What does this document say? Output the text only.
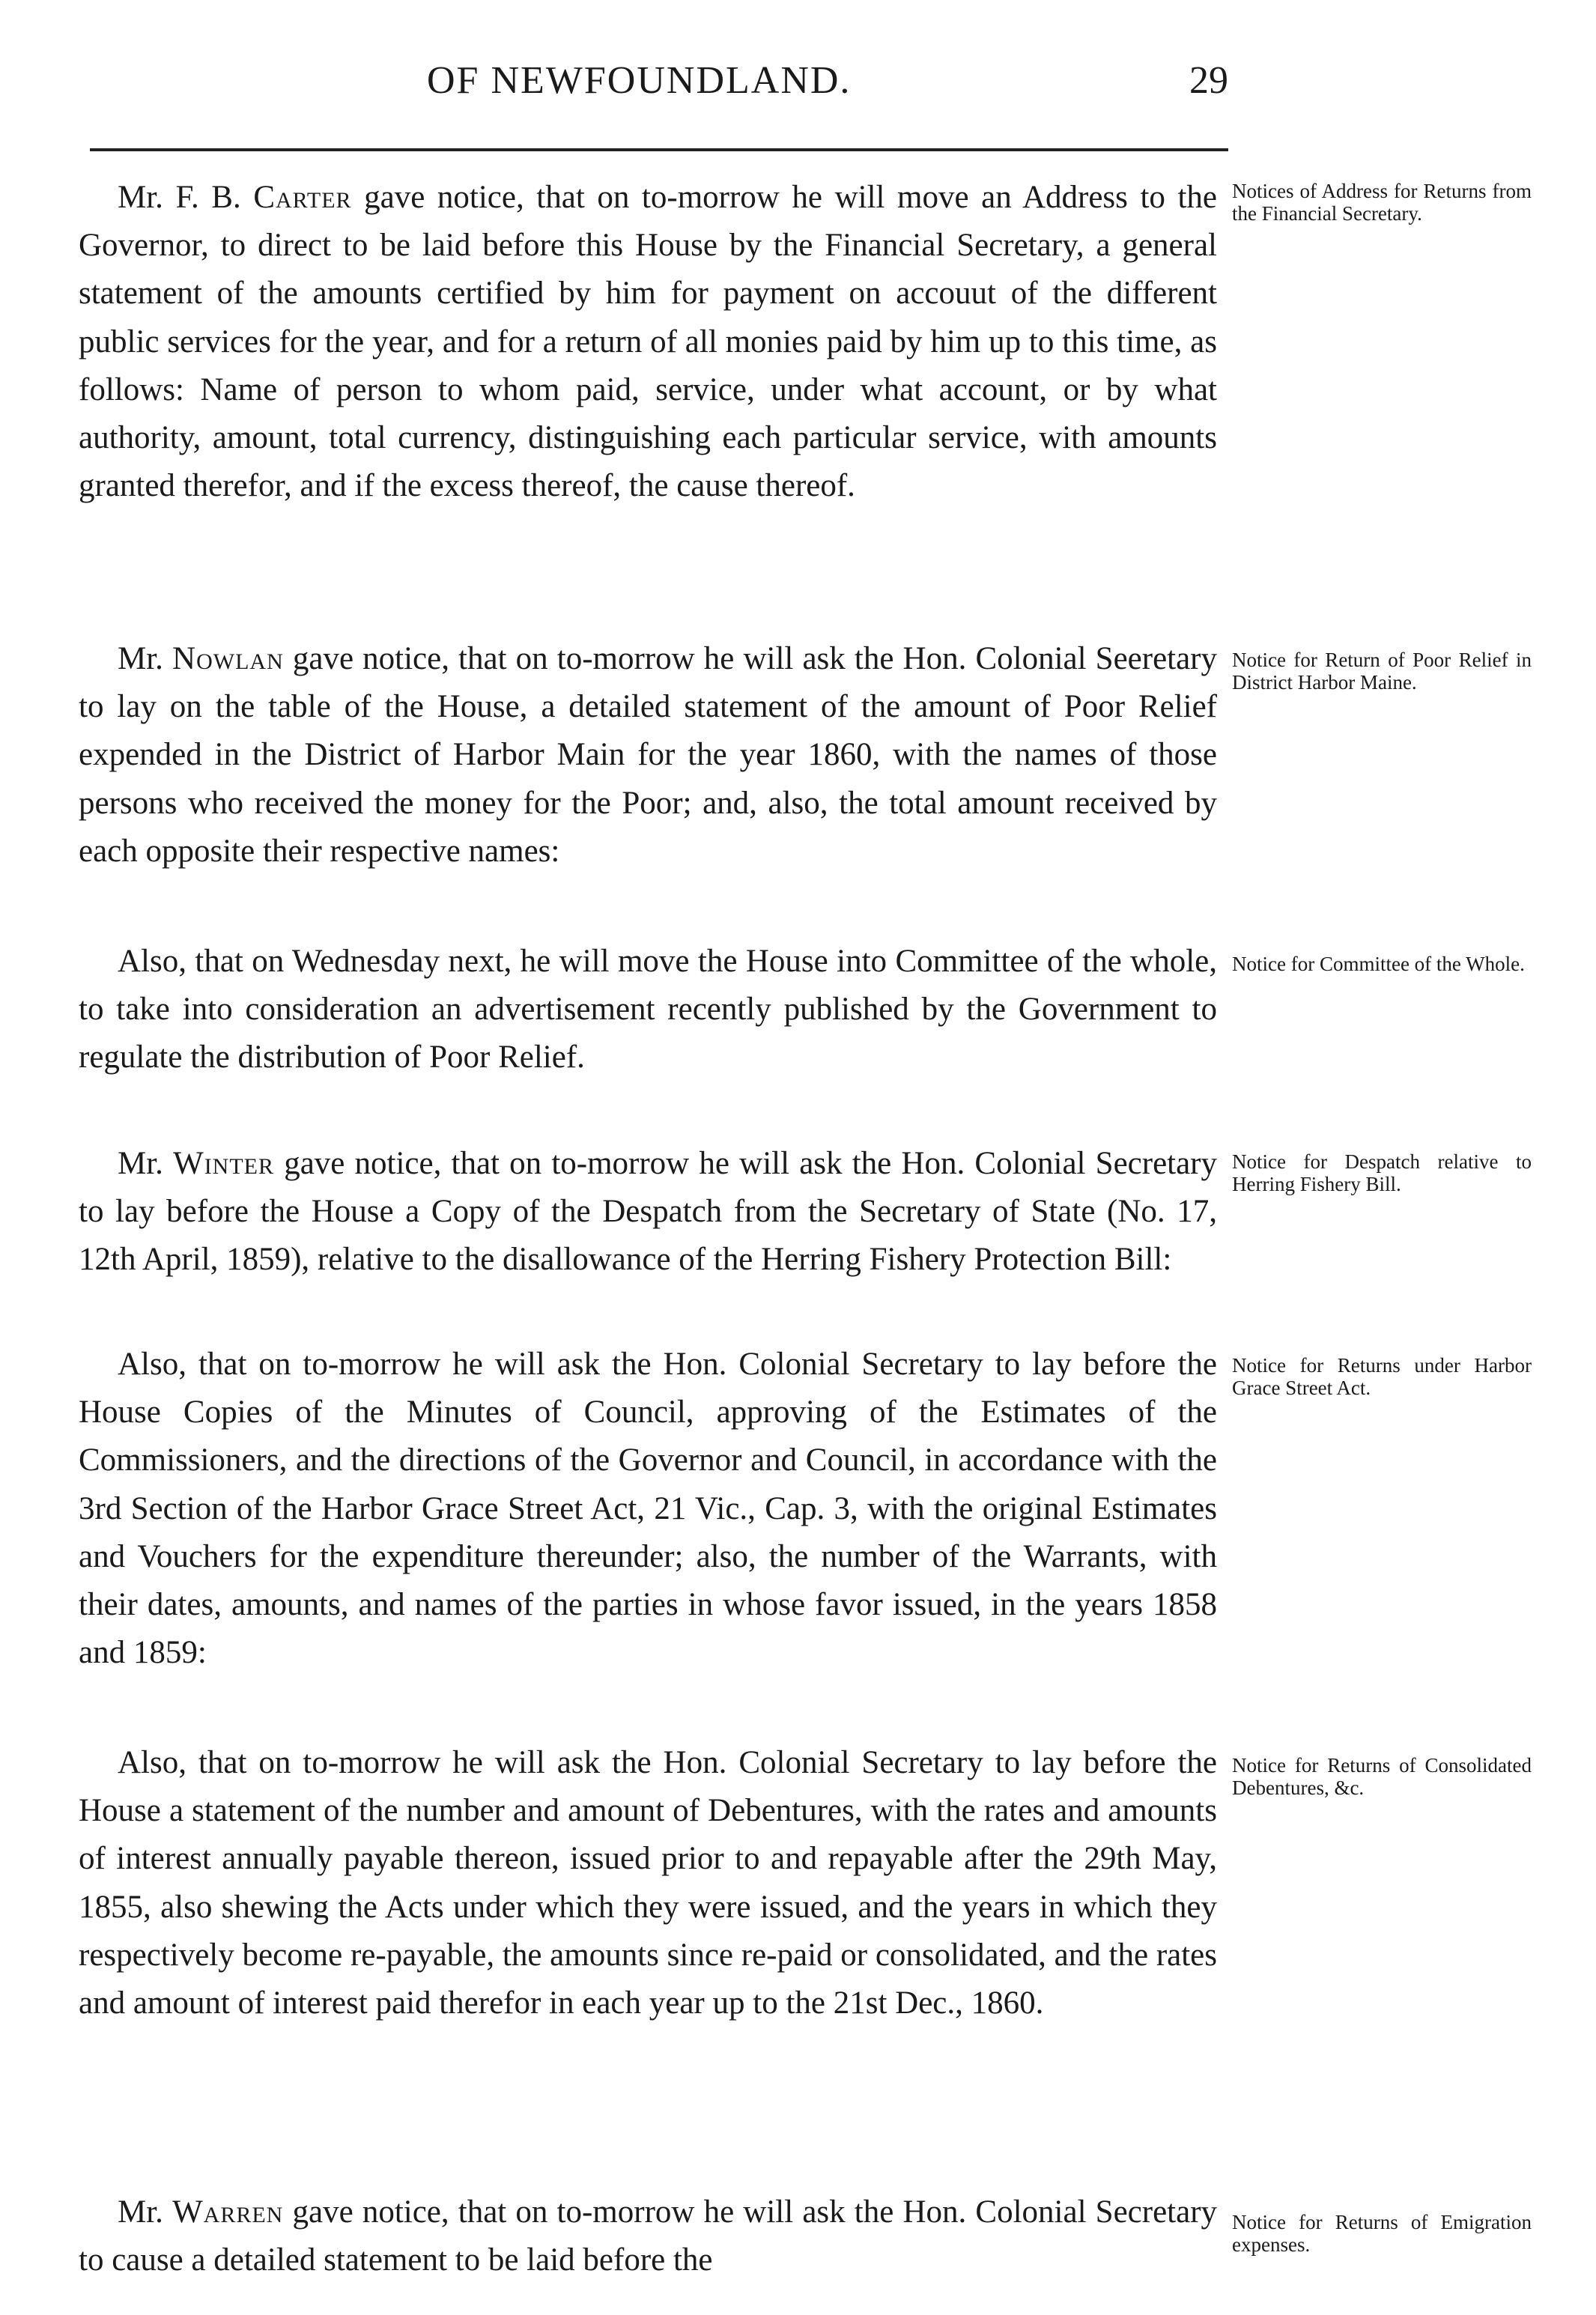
OF NEWFOUNDLAND.	29

Mr. F. B. Carter gave notice, that on to-morrow he will move an Address to the Governor, to direct to be laid before this House by the Financial Secretary, a general statement of the amounts certified by him for payment on accouut of the different public services for the year, and for a return of all monies paid by him up to this time, as follows: Name of person to whom paid, service, under what account, or by what authority, amount, total currency, distinguishing each particular service, with amounts granted therefor, and if the excess thereof, the cause thereof.

Notices of Address for Returns from the Financial Secretary.

Mr. Nowlan gave notice, that on to-morrow he will ask the Hon. Colonial Seeretary to lay on the table of the House, a detailed statement of the amount of Poor Relief expended in the District of Harbor Main for the year 1860, with the names of those persons who received the money for the Poor; and, also, the total amount received by each opposite their respective names:

Notice for Return of Poor Relief in District Harbor Maine.

Also, that on Wednesday next, he will move the House into Committee of the whole, to take into consideration an advertisement recently published by the Government to regulate the distribution of Poor Relief.

Notice for Committee of the Whole.

Mr. Winter gave notice, that on to-morrow he will ask the Hon. Colonial Secretary to lay before the House a Copy of the Despatch from the Secretary of State (No. 17, 12th April, 1859), relative to the disallowance of the Herring Fishery Protection Bill:

Notice for Despatch relative to Herring Fishery Bill.

Also, that on to-morrow he will ask the Hon. Colonial Secretary to lay before the House Copies of the Minutes of Council, approving of the Estimates of the Commissioners, and the directions of the Governor and Council, in accordance with the 3rd Section of the Harbor Grace Street Act, 21 Vic., Cap. 3, with the original Estimates and Vouchers for the expenditure thereunder; also, the number of the Warrants, with their dates, amounts, and names of the parties in whose favor issued, in the years 1858 and 1859:

Notice for Returns under Harbor Grace Street Act.

Also, that on to-morrow he will ask the Hon. Colonial Secretary to lay before the House a statement of the number and amount of Debentures, with the rates and amounts of interest annually payable thereon, issued prior to and repayable after the 29th May, 1855, also shewing the Acts under which they were issued, and the years in which they respectively become re-payable, the amounts since re-paid or consolidated, and the rates and amount of interest paid therefor in each year up to the 21st Dec., 1860.

Notice for Returns of Consolidated Debentures, &c.

Mr. Warren gave notice, that on to-morrow he will ask the Hon. Colonial Secretary to cause a detailed statement to be laid before the

Notice for Returns of Emigration expenses.
